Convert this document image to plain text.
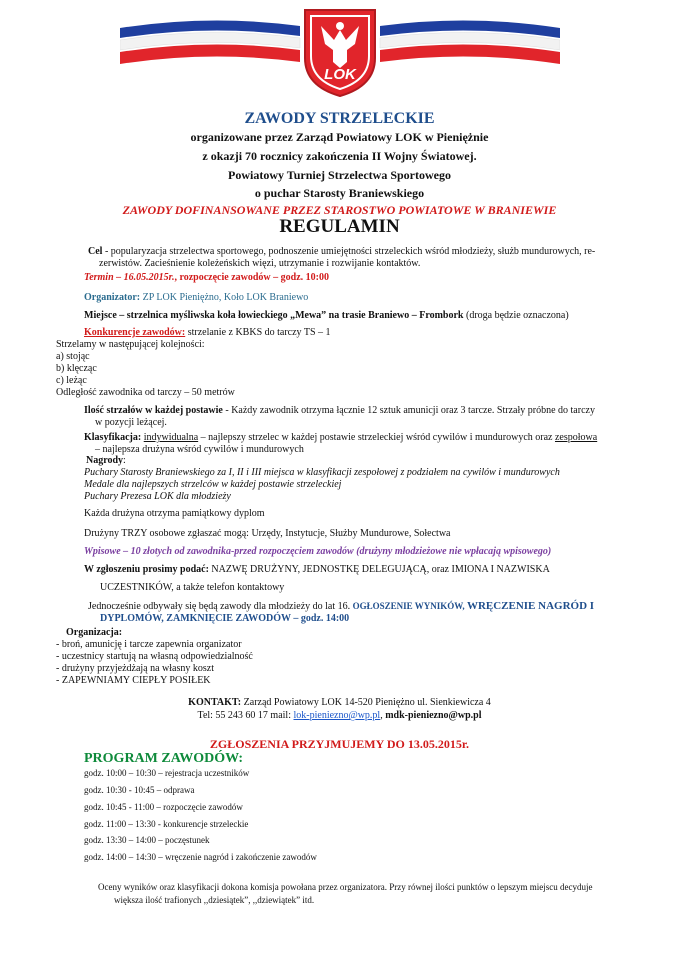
LOK
ZAWODY STRZELECKIE
organizowane przez Zarząd Powiatowy LOK w Pieniężnie
z okazji 70 rocznicy zakończenia II Wojny Światowej.
Powiatowy Turniej Strzelectwa Sportowego
o puchar Starosty Braniewskiego
ZAWODY DOFINANSOWANE PRZEZ STAROSTWO POWIATOWE W BRANIEWIE
REGULAMIN
Cel - popularyzacja strzelectwa sportowego, podnoszenie umiejętności strzeleckich wśród młodzieży, służb mundurowych, re-
zerwistów. Zacieśnienie koleżeńskich więzi, utrzymanie i rozwijanie kontaktów.
Termin – 16.05.2015r., rozpoczęcie zawodów – godz. 10:00
Organizator: ZP LOK Pieniężno, Koło LOK Braniewo
Miejsce – strzelnica myśliwska koła łowieckiego „Mewa” na trasie Braniewo – Frombork (droga będzie oznaczona)
Konkurencje zawodów: strzelanie z KBKS do tarczy TS – 1
Strzelamy w następującej kolejności:
a) stojąc
b) klęcząc
c) leżąc
Odległość zawodnika od tarczy – 50 metrów
Ilość strzałów w każdej postawie - Każdy zawodnik otrzyma łącznie 12 sztuk amunicji oraz 3 tarcze. Strzały próbne do tarczy
w pozycji leżącej.
Klasyfikacja: indywidualna – najlepszy strzelec w każdej postawie strzeleckiej wśród cywilów i mundurowych oraz zespołowa
– najlepsza drużyna wśród cywilów i mundurowych
Nagrody:
Puchary Starosty Braniewskiego za I, II i III miejsca w klasyfikacji zespołowej z podziałem na cywilów i mundurowych
Medale dla najlepszych strzelców w każdej postawie strzeleckiej
Puchary Prezesa LOK dla młodzieży
Każda drużyna otrzyma pamiątkowy dyplom
Drużyny TRZY osobowe zgłaszać mogą: Urzędy, Instytucje, Służby Mundurowe, Sołectwa
Wpisowe – 10 złotych od zawodnika-przed rozpoczęciem zawodów (drużyny młodzieżowe nie wpłacają wpisowego)
W zgłoszeniu prosimy podać: NAZWĘ DRUŻYNY, JEDNOSTKĘ DELEGUJĄCĄ, oraz IMIONA I NAZWISKA
UCZESTNIKÓW, a także telefon kontaktowy
Jednocześnie odbywały się będą zawody dla młodzieży do lat 16. OGŁOSZENIE WYNIKÓW, WRĘCZENIE NAGRÓD I
DYPLOMÓW, ZAMKNIĘCIE ZAWODÓW – godz. 14:00
Organizacja:
- broń, amunicję i tarcze zapewnia organizator
- uczestnicy startują na własną odpowiedzialność
- drużyny przyjeżdżają na własny koszt
- ZAPEWNIAMY CIEPŁY POSIŁEK
KONTAKT: Zarząd Powiatowy LOK 14-520 Pieniężno ul. Sienkiewicza 4
Tel: 55 243 60 17 mail: lok-pieniezno@wp.pl, mdk-pieniezno@wp.pl
ZGŁOSZENIA PRZYJMUJEMY DO 13.05.2015r.
PROGRAM ZAWODÓW:
godz. 10:00 – 10:30 – rejestracja uczestników
godz. 10:30 - 10:45 – odprawa
godz. 10:45 - 11:00 – rozpoczęcie zawodów
godz. 11:00 – 13:30 - konkurencje strzeleckie
godz. 13:30 – 14:00 – poczęstunek
godz. 14:00 – 14:30 – wręczenie nagród i zakończenie zawodów
Oceny wyników oraz klasyfikacji dokona komisja powołana przez organizatora. Przy równej ilości punktów o lepszym miejscu decyduje
większa ilość trafionych ,,dziesiątek”, ,,dziewiątek” itd.
